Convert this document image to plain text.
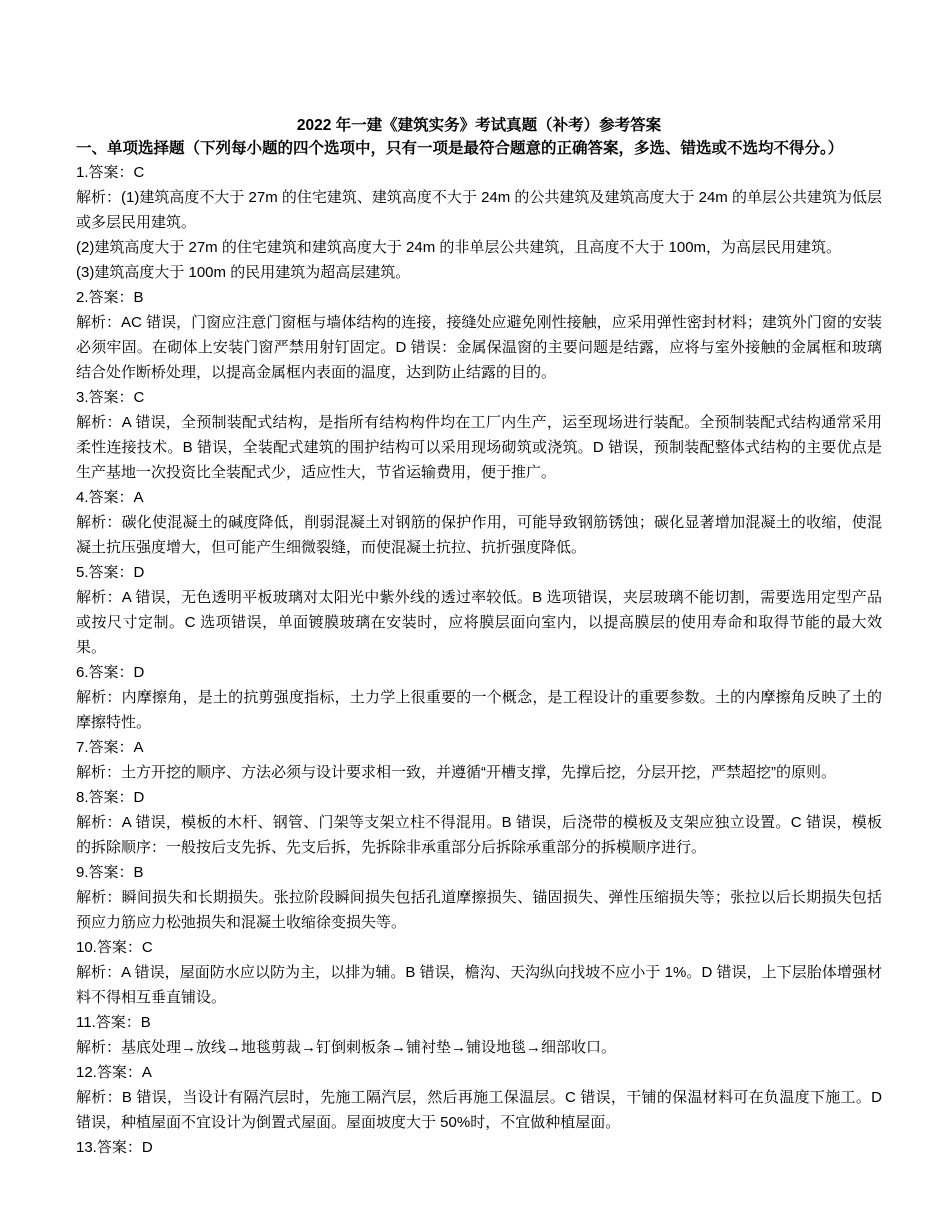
2022 年一建《建筑实务》考试真题（补考）参考答案

一、单项选择题（下列每小题的四个选项中，只有一项是最符合题意的正确答案，多选、错选或不选均不得分。）

1.答案：C

解析：(1)建筑高度不大于 27m 的住宅建筑、建筑高度不大于 24m 的公共建筑及建筑高度大于 24m 的单层公共建筑为低层或多层民用建筑。

(2)建筑高度大于 27m 的住宅建筑和建筑高度大于 24m 的非单层公共建筑，且高度不大于 100m，为高层民用建筑。

(3)建筑高度大于 100m 的民用建筑为超高层建筑。

2.答案：B

解析：AC 错误，门窗应注意门窗框与墙体结构的连接，接缝处应避免刚性接触，应采用弹性密封材料；建筑外门窗的安装必须牢固。在砌体上安装门窗严禁用射钉固定。D 错误：金属保温窗的主要问题是结露，应将与室外接触的金属框和玻璃结合处作断桥处理，以提高金属框内表面的温度，达到防止结露的目的。

3.答案：C

解析：A 错误，全预制装配式结构，是指所有结构构件均在工厂内生产，运至现场进行装配。全预制装配式结构通常采用柔性连接技术。B 错误，全装配式建筑的围护结构可以采用现场砌筑或浇筑。D 错误，预制装配整体式结构的主要优点是生产基地一次投资比全装配式少，适应性大，节省运输费用，便于推广。

4.答案：A

解析：碳化使混凝土的碱度降低，削弱混凝土对钢筋的保护作用，可能导致钢筋锈蚀；碳化显著增加混凝土的收缩，使混凝土抗压强度增大，但可能产生细微裂缝，而使混凝土抗拉、抗折强度降低。

5.答案：D

解析：A 错误，无色透明平板玻璃对太阳光中紫外线的透过率较低。B 选项错误，夹层玻璃不能切割，需要选用定型产品或按尺寸定制。C 选项错误，单面镀膜玻璃在安装时，应将膜层面向室内，以提高膜层的使用寿命和取得节能的最大效果。

6.答案：D

解析：内摩擦角，是土的抗剪强度指标，土力学上很重要的一个概念，是工程设计的重要参数。土的内摩擦角反映了土的摩擦特性。

7.答案：A

解析：土方开挖的顺序、方法必须与设计要求相一致，并遵循“开槽支撑，先撑后挖，分层开挖，严禁超挖”的原则。

8.答案：D

解析：A 错误，模板的木杆、钢管、门架等支架立柱不得混用。B 错误，后浇带的模板及支架应独立设置。C 错误，模板的拆除顺序：一般按后支先拆、先支后拆，先拆除非承重部分后拆除承重部分的拆模顺序进行。

9.答案：B

解析：瞬间损失和长期损失。张拉阶段瞬间损失包括孔道摩擦损失、锚固损失、弹性压缩损失等；张拉以后长期损失包括预应力筋应力松弛损失和混凝土收缩徐变损失等。

10.答案：C

解析：A 错误，屋面防水应以防为主，以排为辅。B 错误，檐沟、天沟纵向找坡不应小于 1%。D 错误，上下层胎体增强材料不得相互垂直铺设。

11.答案：B

解析：基底处理→放线→地毯剪裁→钉倒刺板条→铺衬垫→铺设地毯→细部收口。

12.答案：A

解析：B 错误，当设计有隔汽层时，先施工隔汽层，然后再施工保温层。C 错误，干铺的保温材料可在负温度下施工。D 错误，种植屋面不宜设计为倒置式屋面。屋面坡度大于 50%时，不宜做种植屋面。

13.答案：D
